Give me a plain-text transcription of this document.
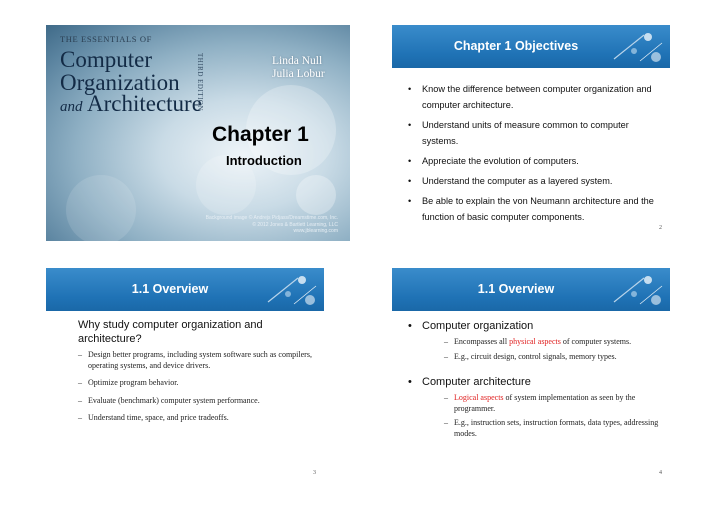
THE ESSENTIALS OF
Computer
Organization
and Architecture
THIRD EDITION	Linda Null
Julia Lobur
Chapter 1
Introduction
Background image © Andrejs Pidjass/Dreamstime.com, Inc.
© 2012 Jones & Bartlett Learning, LLC
www.jblearning.com
Chapter 1 Objectives
• Know the difference between computer organization and computer architecture.
• Understand units of measure common to computer systems.
• Appreciate the evolution of computers.
• Understand the computer as a layered system.
• Be able to explain the von Neumann architecture and the function of basic computer components.
2
1.1 Overview
Why study computer organization and architecture?
– Design better programs, including system software such as compilers, operating systems, and device drivers.
– Optimize program behavior.
– Evaluate (benchmark) computer system performance.
– Understand time, space, and price tradeoffs.
3
1.1 Overview
• Computer organization
– Encompasses all physical aspects of computer systems.
– E.g., circuit design, control signals, memory types.
• Computer architecture
– Logical aspects of system implementation as seen by the programmer.
– E.g., instruction sets, instruction formats, data types, addressing modes.
4
